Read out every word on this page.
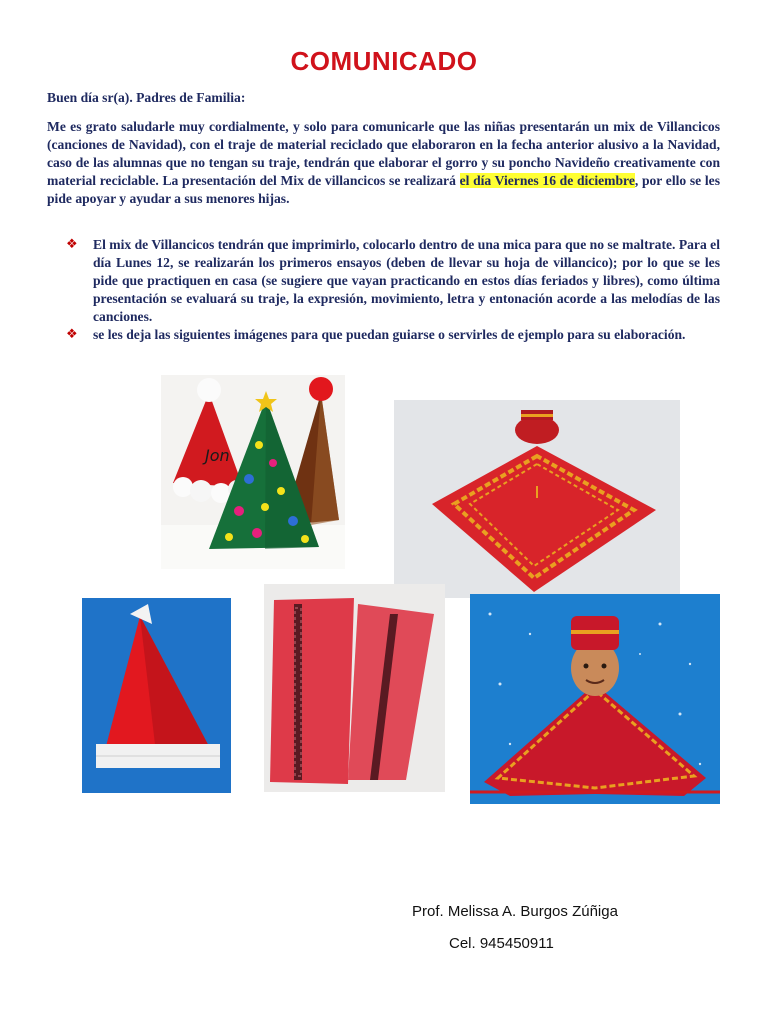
COMUNICADO
Buen día sr(a). Padres de Familia:
Me es grato saludarle muy cordialmente, y solo para comunicarle que las niñas presentarán un mix de Villancicos (canciones de Navidad), con el traje de material reciclado que elaboraron en la fecha anterior alusivo a la Navidad, caso de las alumnas que no tengan su traje, tendrán que elaborar el gorro y su poncho Navideño creativamente con material reciclable. La presentación del Mix de villancicos se realizará el día Viernes 16 de diciembre, por ello se les pide apoyar y ayudar a sus menores hijas.
❖ El mix de Villancicos tendrán que imprimirlo, colocarlo dentro de una mica para que no se maltrate. Para el día Lunes 12, se realizarán los primeros ensayos (deben de llevar su hoja de villancico); por lo que se les pide que practiquen en casa (se sugiere que vayan practicando en estos días feriados y libres), como última presentación se evaluará su traje, la expresión, movimiento, letra y entonación acorde a las melodías de las canciones.
❖ se les deja las siguientes imágenes para que puedan guiarse o servirles de ejemplo para su elaboración.
Jon
Prof. Melissa A. Burgos Zúñiga
Cel. 945450911
